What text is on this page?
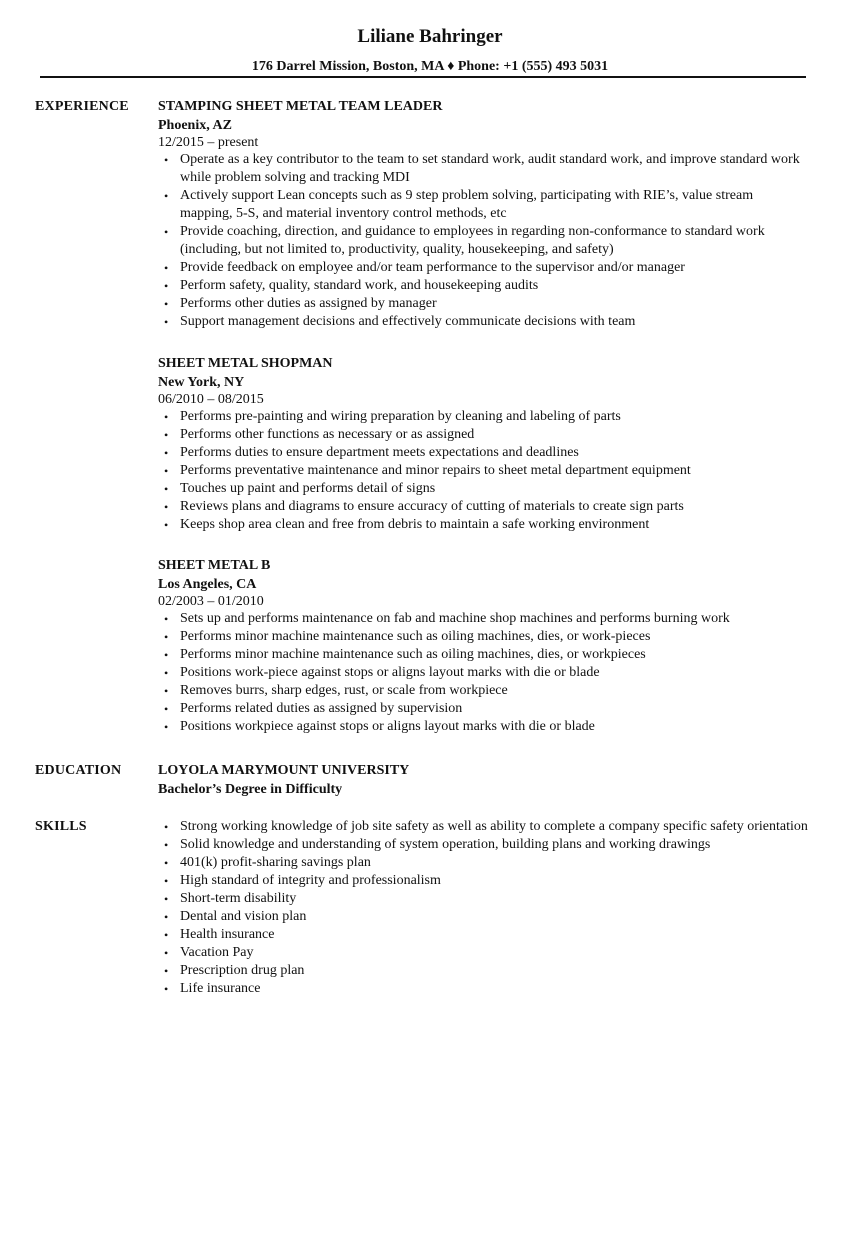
Liliane Bahringer
176 Darrel Mission, Boston, MA ♦ Phone: +1 (555) 493 5031
EXPERIENCE STAMPING SHEET METAL TEAM LEADER
Phoenix, AZ
12/2015 – present
• Operate as a key contributor to the team to set standard work, audit standard work, and improve standard work while problem solving and tracking MDI
• Actively support Lean concepts such as 9 step problem solving, participating with RIE’s, value stream mapping, 5-S, and material inventory control methods, etc
• Provide coaching, direction, and guidance to employees in regarding non-conformance to standard work (including, but not limited to, productivity, quality, housekeeping, and safety)
• Provide feedback on employee and/or team performance to the supervisor and/or manager
• Perform safety, quality, standard work, and housekeeping audits
• Performs other duties as assigned by manager
• Support management decisions and effectively communicate decisions with team
SHEET METAL SHOPMAN
New York, NY
06/2010 – 08/2015
• Performs pre-painting and wiring preparation by cleaning and labeling of parts
• Performs other functions as necessary or as assigned
• Performs duties to ensure department meets expectations and deadlines
• Performs preventative maintenance and minor repairs to sheet metal department equipment
• Touches up paint and performs detail of signs
• Reviews plans and diagrams to ensure accuracy of cutting of materials to create sign parts
• Keeps shop area clean and free from debris to maintain a safe working environment
SHEET METAL B
Los Angeles, CA
02/2003 – 01/2010
• Sets up and performs maintenance on fab and machine shop machines and performs burning work
• Performs minor machine maintenance such as oiling machines, dies, or work-pieces
• Performs minor machine maintenance such as oiling machines, dies, or workpieces
• Positions work-piece against stops or aligns layout marks with die or blade
• Removes burrs, sharp edges, rust, or scale from workpiece
• Performs related duties as assigned by supervision
• Positions workpiece against stops or aligns layout marks with die or blade
EDUCATION	LOYOLA MARYMOUNT UNIVERSITY
Bachelor’s Degree in Difficulty
SKILLS	• Strong working knowledge of job site safety as well as ability to complete a company specific safety orientation
• Solid knowledge and understanding of system operation, building plans and working drawings
• 401(k) profit-sharing savings plan
• High standard of integrity and professionalism
• Short-term disability
• Dental and vision plan
• Health insurance
• Vacation Pay
• Prescription drug plan
• Life insurance
